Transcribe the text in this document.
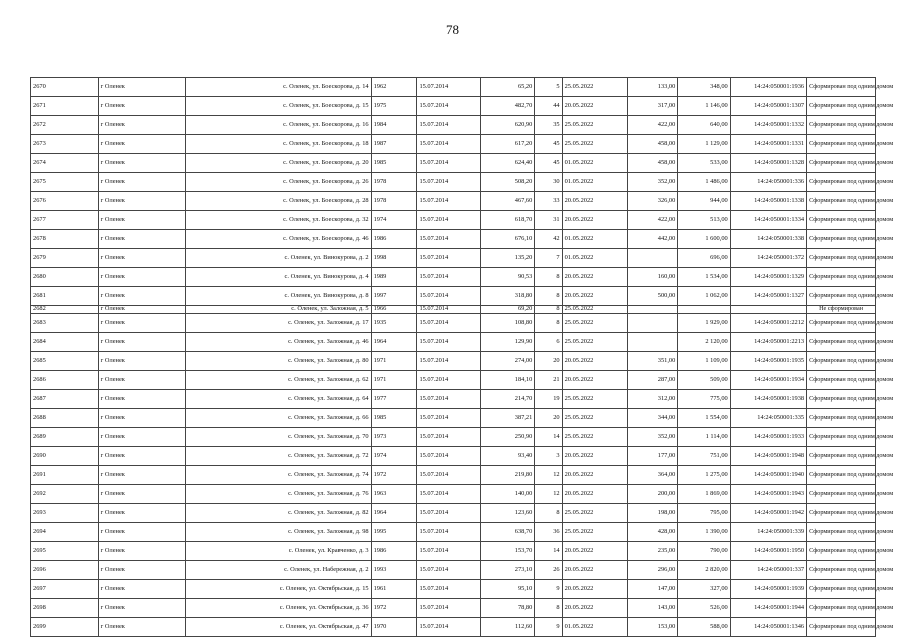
78
2670	г Оленек	с. Оленек, ул. Боескорова, д. 14	1962	15.07.2014	65,20	5	25.05.2022	133,00	348,00	14:24:050001:1936	Сформирован под одним домом
2671	г Оленек	с. Оленек, ул. Боескорова, д. 15	1975	15.07.2014	482,70	44	20.05.2022	317,00	1 146,00	14:24:050001:1307	Сформирован под одним домом
2672	г Оленек	с. Оленек, ул. Боескорова, д. 16	1984	15.07.2014	620,90	35	25.05.2022	422,00	640,00	14:24:050001:1332	Сформирован под одним домом
2673	г Оленек	с. Оленек, ул. Боескорова, д. 18	1987	15.07.2014	617,20	45	25.05.2022	458,00	1 129,00	14:24:050001:1331	Сформирован под одним домом
2674	г Оленек	с. Оленек, ул. Боескорова, д. 20	1985	15.07.2014	624,40	45	01.05.2022	458,00	533,00	14:24:050001:1328	Сформирован под одним домом
2675	г Оленек	с. Оленек, ул. Боескорова, д. 26	1978	15.07.2014	508,20	30	01.05.2022	352,00	1 486,00	14:24:050001:336	Сформирован под одним домом
2676	г Оленек	с. Оленек, ул. Боескорова, д. 28	1978	15.07.2014	467,60	33	20.05.2022	326,00	944,00	14:24:050001:1338	Сформирован под одним домом
2677	г Оленек	с. Оленек, ул. Боескорова, д. 32	1974	15.07.2014	618,70	31	20.05.2022	422,00	513,00	14:24:050001:1334	Сформирован под одним домом
2678	г Оленек	с. Оленек, ул. Боескорова, д. 46	1986	15.07.2014	676,10	42	01.05.2022	442,00	1 600,00	14:24:050001:338	Сформирован под одним домом
2679	г Оленек	с. Оленек, ул. Винокурова, д. 2	1998	15.07.2014	135,20	7	01.05.2022		696,00	14:24:050001:372	Сформирован под одним домом
2680	г Оленек	с. Оленек, ул. Винокурова, д. 4	1989	15.07.2014	90,53	8	20.05.2022	160,00	1 534,00	14:24:050001:1329	Сформирован под одним домом
2681	г Оленек	с. Оленек, ул. Винокурова, д. 8	1997	15.07.2014	318,80	8	20.05.2022	500,00	1 062,00	14:24:050001:1327	Сформирован под одним домом
2682	г Оленек	с. Оленек, ул. Заложная, д. 5	1966	15.07.2014	69,20	8	25.05.2022				Не сформирован
2683	г Оленек	с. Оленек, ул. Заложная, д. 17	1935	15.07.2014	108,80	8	25.05.2022		1 929,00	14:24:050001:2212	Сформирован под одним домом
2684	г Оленек	с. Оленек, ул. Заложная, д. 46	1964	15.07.2014	129,90	6	25.05.2022		2 120,00	14:24:050001:2213	Сформирован под одним домом
2685	г Оленек	с. Оленек, ул. Заложная, д. 80	1971	15.07.2014	274,00	20	20.05.2022	351,00	1 109,00	14:24:050001:1935	Сформирован под одним домом
2686	г Оленек	с. Оленек, ул. Заложная, д. 62	1971	15.07.2014	184,10	21	20.05.2022	287,00	509,00	14:24:050001:1934	Сформирован под одним домом
2687	г Оленек	с. Оленек, ул. Заложная, д. 64	1977	15.07.2014	214,70	19	25.05.2022	312,00	775,00	14:24:050001:1938	Сформирован под одним домом
2688	г Оленек	с. Оленек, ул. Заложная, д. 66	1985	15.07.2014	387,21	20	25.05.2022	344,00	1 554,00	14:24:050001:335	Сформирован под одним домом
2689	г Оленек	с. Оленек, ул. Заложная, д. 70	1973	15.07.2014	250,90	14	25.05.2022	352,00	1 114,00	14:24:050001:1933	Сформирован под одним домом
2690	г Оленек	с. Оленек, ул. Заложная, д. 72	1974	15.07.2014	93,40	3	20.05.2022	177,00	751,00	14:24:050001:1948	Сформирован под одним домом
2691	г Оленек	с. Оленек, ул. Заложная, д. 74	1972	15.07.2014	219,80	12	20.05.2022	364,00	1 275,00	14:24:050001:1940	Сформирован под одним домом
2692	г Оленек	с. Оленек, ул. Заложная, д. 76	1963	15.07.2014	140,00	12	20.05.2022	200,00	1 869,00	14:24:050001:1943	Сформирован под одним домом
2693	г Оленек	с. Оленек, ул. Заложная, д. 82	1964	15.07.2014	123,60	8	25.05.2022	198,00	795,00	14:24:050001:1942	Сформирован под одним домом
2694	г Оленек	с. Оленек, ул. Заложная, д. 98	1995	15.07.2014	638,70	36	25.05.2022	428,00	1 390,00	14:24:050001:339	Сформирован под одним домом
2695	г Оленек	с. Оленек, ул. Кравченко, д. 3	1986	15.07.2014	153,70	14	20.05.2022	235,00	790,00	14:24:050001:1950	Сформирован под одним домом
2696	г Оленек	с. Оленек, ул. Набережная, д. 2	1993	15.07.2014	273,10	26	20.05.2022	296,00	2 820,00	14:24:050001:337	Сформирован под одним домом
2697	г Оленек	с. Оленек, ул. Октябрьская, д. 15	1961	15.07.2014	95,10	9	20.05.2022	147,00	327,00	14:24:050001:1939	Сформирован под одним домом
2698	г Оленек	с. Оленек, ул. Октябрьская, д. 36	1972	15.07.2014	78,80	8	20.05.2022	143,00	526,00	14:24:050001:1944	Сформирован под одним домом
2699	г Оленек	с. Оленек, ул. Октябрьская, д. 47	1970	15.07.2014	112,60	9	01.05.2022	153,00	588,00	14:24:050001:1346	Сформирован под одним домом
